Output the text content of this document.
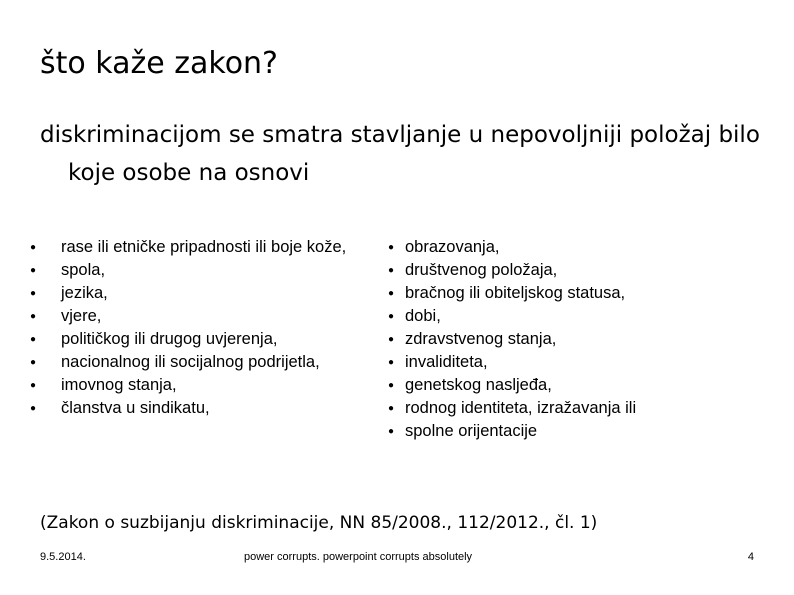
što kaže zakon?
diskriminacijom se smatra stavljanje u nepovoljniji položaj bilo koje osobe na osnovi
●
rase ili etničke pripadnosti ili boje kože,
●
spola,
●
jezika,
●
vjere,
●
političkog ili drugog uvjerenja,
●
nacionalnog ili socijalnog podrijetla,
●
imovnog stanja,
●
članstva u sindikatu,
●
obrazovanja,
●
društvenog položaja,
●
bračnog ili obiteljskog statusa,
●
dobi,
●
zdravstvenog stanja,
●
invaliditeta,
●
genetskog nasljeđa,
●
rodnog identiteta, izražavanja ili
●
spolne orijentacije
(Zakon o suzbijanju diskriminacije, NN 85/2008., 112/2012., čl. 1)
9.5.2014.	power corrupts. powerpoint corrupts absolutely	4
